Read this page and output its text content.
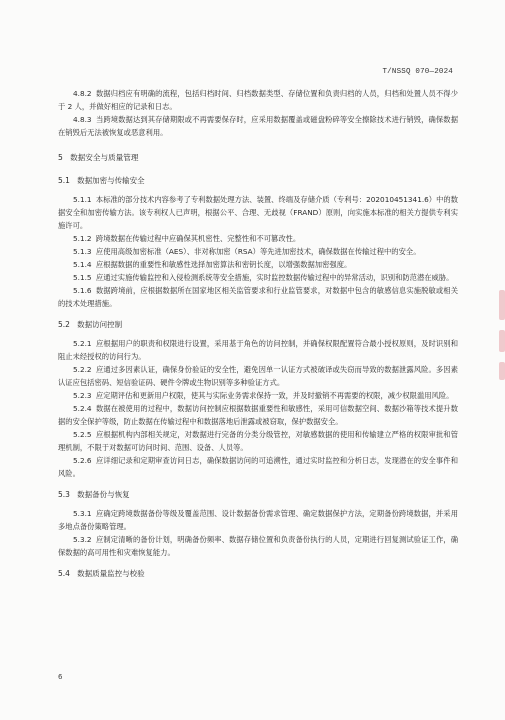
T/NSSQ 070—2024

4.8.2 数据归档应有明确的流程，包括归档时间、归档数据类型、存储位置和负责归档的人员，归档和处置人员不得少于 2 人，并做好相应的记录和日志。

4.8.3 当跨境数据达到其存储期限或不再需要保存时，应采用数据覆盖或磁盘粉碎等安全擦除技术进行销毁，确保数据在销毁后无法被恢复或恶意利用。

5 数据安全与质量管理
5.1 数据加密与传输安全

5.1.1 本标准的部分技术内容参考了专利数据处理方法、装置、终端及存储介质（专利号：202010451341.6）中的数据安全和加密传输方法。该专利权人已声明，根据公平、合理、无歧视（FRAND）原则，向实施本标准的相关方提供专利实施许可。

5.1.2 跨境数据在传输过程中应确保其机密性、完整性和不可篡改性。

5.1.3 应使用高级加密标准（AES）、非对称加密（RSA）等先进加密技术，确保数据在传输过程中的安全。

5.1.4 应根据数据的重要性和敏感性选择加密算法和密钥长度，以增强数据加密强度。

5.1.5 应通过实施传输监控和入侵检测系统等安全措施，实时监控数据传输过程中的异常活动，识别和防范潜在威胁。

5.1.6 数据跨境前，应根据数据所在国家地区相关监管要求和行业监管要求，对数据中包含的敏感信息实施脱敏或相关的技术处理措施。

5.2 数据访问控制

5.2.1 应根据用户的职责和权限进行设置，采用基于角色的访问控制，并确保权限配置符合最小授权原则，及时识别和阻止未经授权的访问行为。

5.2.2 应通过多因素认证，确保身份验证的安全性，避免因单一认证方式被破译或失窃而导致的数据泄露风险。多因素认证应包括密码、短信验证码、硬件令牌或生物识别等多种验证方式。

5.2.3 应定期评估和更新用户权限，使其与实际业务需求保持一致，并及时撤销不再需要的权限，减少权限滥用风险。

5.2.4 数据在被使用的过程中，数据访问控制应根据数据重要性和敏感性，采用可信数据空间、数据沙箱等技术提升数据的安全保护等级，防止数据在传输过程中和数据落地后泄露或被窃取，保护数据安全。

5.2.5 应根据机构内部相关规定，对数据进行完备的分类分级管控，对敏感数据的使用和传输建立严格的权限审批和管理机制，不限于对数据可访问时间、范围、设备、人员等。

5.2.6 应详细记录和定期审查访问日志，确保数据访问的可追溯性，通过实时监控和分析日志，发现潜在的安全事件和风险。

5.3 数据备份与恢复

5.3.1 应确定跨境数据备份等级及覆盖范围、设计数据备份需求管理、确定数据保护方法，定期备份跨境数据，并采用多地点备份策略管理。

5.3.2 应制定清晰的备份计划，明确备份频率、数据存储位置和负责备份执行的人员，定期进行回复测试验证工作，确保数据的高可用性和灾难恢复能力。

5.4 数据质量监控与校验
6
